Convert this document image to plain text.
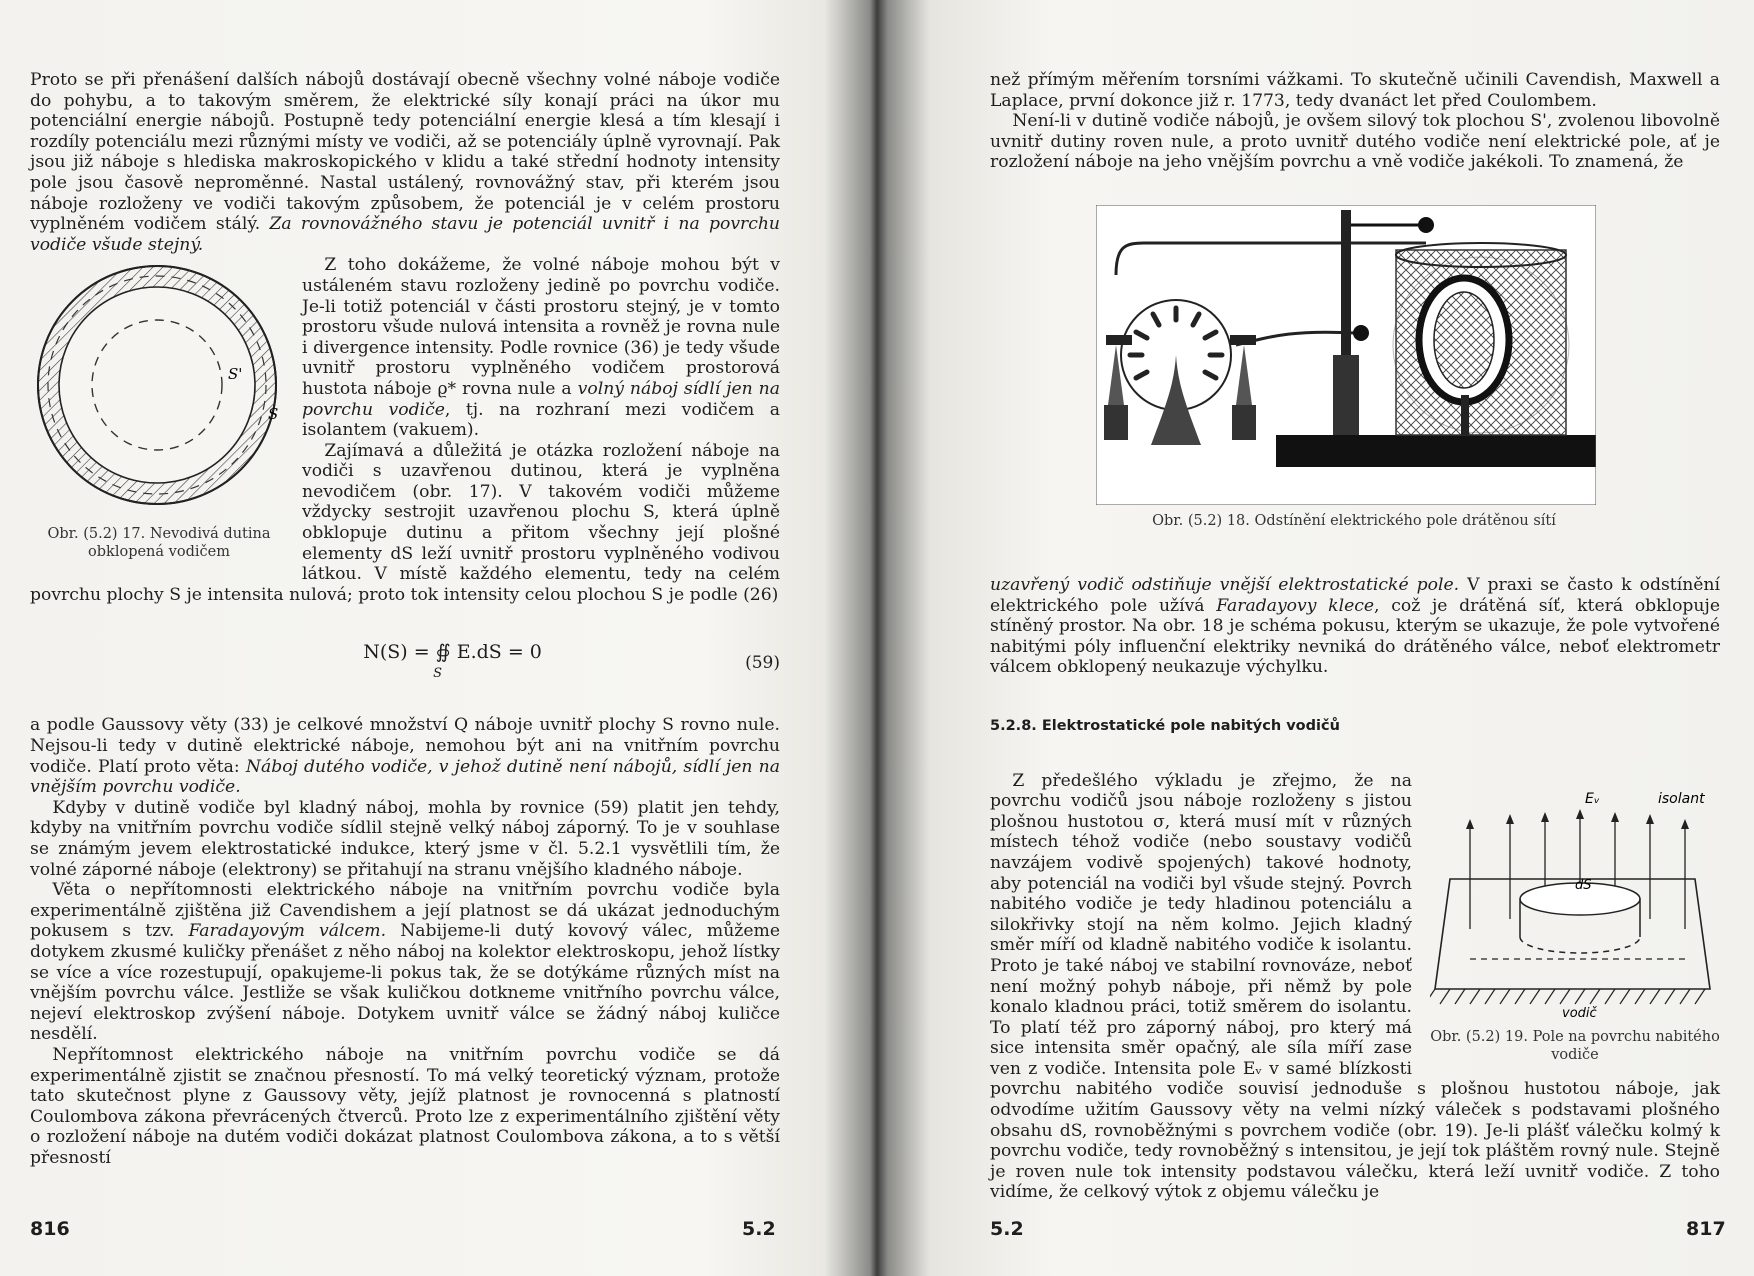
Proto se při přenášení dalších nábojů dostávají obecně všechny volné náboje vodiče do pohybu, a to takovým směrem, že elektrické síly konají práci na úkor mu potenciální energie nábojů. Postupně tedy potenciální energie klesá a tím klesají i rozdíly potenciálu mezi různými místy ve vodiči, až se potenciály úplně vyrovnají. Pak jsou již náboje s hlediska makroskopického v klidu a také střední hodnoty intensity pole jsou časově neproměnné. Nastal ustálený, rovnovážný stav, při kterém jsou náboje rozloženy ve vodiči takovým způsobem, že potenciál je v celém prostoru vyplněném vodičem stálý. Za rovnovážného stavu je potenciál uvnitř i na povrchu vodiče všude stejný.

S'
S
Obr. (5.2) 17. Nevodivá dutina obklopená vodičem

Z toho dokážeme, že volné náboje mohou být v ustáleném stavu rozloženy jedině po povrchu vodiče. Je-li totiž potenciál v části prostoru stejný, je v tomto prostoru všude nulová intensita a rovněž je rovna nule i divergence intensity. Podle rovnice (36) je tedy všude uvnitř prostoru vyplněného vodičem prostorová hustota náboje ϱ* rovna nule a volný náboj sídlí jen na povrchu vodiče, tj. na rozhraní mezi vodičem a isolantem (vakuem).

Zajímavá a důležitá je otázka rozložení náboje na vodiči s uzavřenou dutinou, která je vyplněna nevodičem (obr. 17). V takovém vodiči můžeme vždycky sestrojit uzavřenou plochu S, která úplně obklopuje dutinu a přitom všechny její plošné elementy dS leží uvnitř prostoru vyplněného vodivou látkou. V místě každého elementu, tedy na celém povrchu plochy S je intensita nulová; proto tok intensity celou plochou S je podle (26)

N(S) = ∯ E.dS = 0
S
(59)

a podle Gaussovy věty (33) je celkové množství Q náboje uvnitř plochy S rovno nule. Nejsou-li tedy v dutině elektrické náboje, nemohou být ani na vnitřním povrchu vodiče. Platí proto věta: Náboj dutého vodiče, v jehož dutině není nábojů, sídlí jen na vnějším povrchu vodiče.

Kdyby v dutině vodiče byl kladný náboj, mohla by rovnice (59) platit jen tehdy, kdyby na vnitřním povrchu vodiče sídlil stejně velký náboj záporný. To je v souhlase se známým jevem elektrostatické indukce, který jsme v čl. 5.2.1 vysvětlili tím, že volné záporné náboje (elektrony) se přitahují na stranu vnějšího kladného náboje.

Věta o nepřítomnosti elektrického náboje na vnitřním povrchu vodiče byla experimentálně zjištěna již Cavendishem a její platnost se dá ukázat jednoduchým pokusem s tzv. Faradayovým válcem. Nabijeme-li dutý kovový válec, můžeme dotykem zkusmé kuličky přenášet z něho náboj na kolektor elektroskopu, jehož lístky se více a více rozestupují, opakujeme-li pokus tak, že se dotýkáme různých míst na vnějším povrchu válce. Jestliže se však kuličkou dotkneme vnitřního povrchu válce, nejeví elektroskop zvýšení náboje. Dotykem uvnitř válce se žádný náboj kuličce nesdělí.

Nepřítomnost elektrického náboje na vnitřním povrchu vodiče se dá experimentálně zjistit se značnou přesností. To má velký teoretický význam, protože tato skutečnost plyne z Gaussovy věty, jejíž platnost je rovnocenná s platností Coulombova zákona převrácených čtverců. Proto lze z experimentálního zjištění věty o rozložení náboje na dutém vodiči dokázat platnost Coulombova zákona, a to s větší přesností

816	5.2

než přímým měřením torsními vážkami. To skutečně učinili Cavendish, Maxwell a Laplace, první dokonce již r. 1773, tedy dvanáct let před Coulombem.

Není-li v dutině vodiče nábojů, je ovšem silový tok plochou S', zvolenou libovolně uvnitř dutiny roven nule, a proto uvnitř dutého vodiče není elektrické pole, ať je rozložení náboje na jeho vnějším povrchu a vně vodiče jakékoli. To znamená, že

Obr. (5.2) 18. Odstínění elektrického pole drátěnou sítí

uzavřený vodič odstiňuje vnější elektrostatické pole. V praxi se často k odstínění elektrického pole užívá Faradayovy klece, což je drátěná síť, která obklopuje stíněný prostor. Na obr. 18 je schéma pokusu, kterým se ukazuje, že pole vytvořené nabitými póly influenční elektriky nevniká do drátěného válce, neboť elektrometr válcem obklopený neukazuje výchylku.

5.2.8. Elektrostatické pole nabitých vodičů

dS
Eᵥ	isolant
vodič
Obr. (5.2) 19. Pole na povrchu nabitého vodiče

Z předešlého výkladu je zřejmo, že na povrchu vodičů jsou náboje rozloženy s jistou plošnou hustotou σ, která musí mít v různých místech téhož vodiče (nebo soustavy vodičů navzájem vodivě spojených) takové hodnoty, aby potenciál na vodiči byl všude stejný. Povrch nabitého vodiče je tedy hladinou potenciálu a silokřivky stojí na něm kolmo. Jejich kladný směr míří od kladně nabitého vodiče k isolantu. Proto je také náboj ve stabilní rovnováze, neboť není možný pohyb náboje, při němž by pole konalo kladnou práci, totiž směrem do isolantu. To platí též pro záporný náboj, pro který má sice intensita směr opačný, ale síla míří zase ven z vodiče. Intensita pole Eᵥ v samé blízkosti povrchu nabitého vodiče souvisí jednoduše s plošnou hustotou náboje, jak odvodíme užitím Gaussovy věty na velmi nízký váleček s podstavami plošného obsahu dS, rovnoběžnými s povrchem vodiče (obr. 19). Je-li plášť válečku kolmý k povrchu vodiče, tedy rovnoběžný s intensitou, je její tok pláštěm rovný nule. Stejně je roven nule tok intensity podstavou válečku, která leží uvnitř vodiče. Z toho vidíme, že celkový výtok z objemu válečku je

5.2	817
